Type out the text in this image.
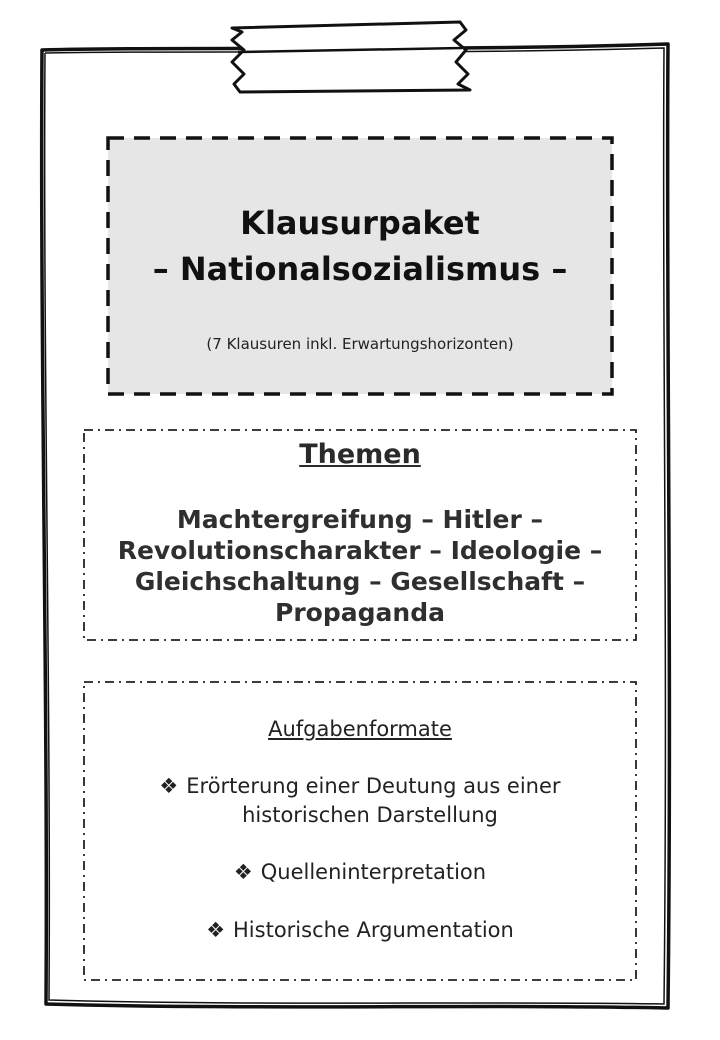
Klausurpaket
– Nationalsozialismus –
(7 Klausuren inkl. Erwartungshorizonten)
Themen
Machtergreifung – Hitler –
Revolutionscharakter – Ideologie –
Gleichschaltung – Gesellschaft –
Propaganda
Aufgabenformate
❖ Erörterung einer Deutung aus einer
historischen Darstellung
❖ Quelleninterpretation
❖ Historische Argumentation
